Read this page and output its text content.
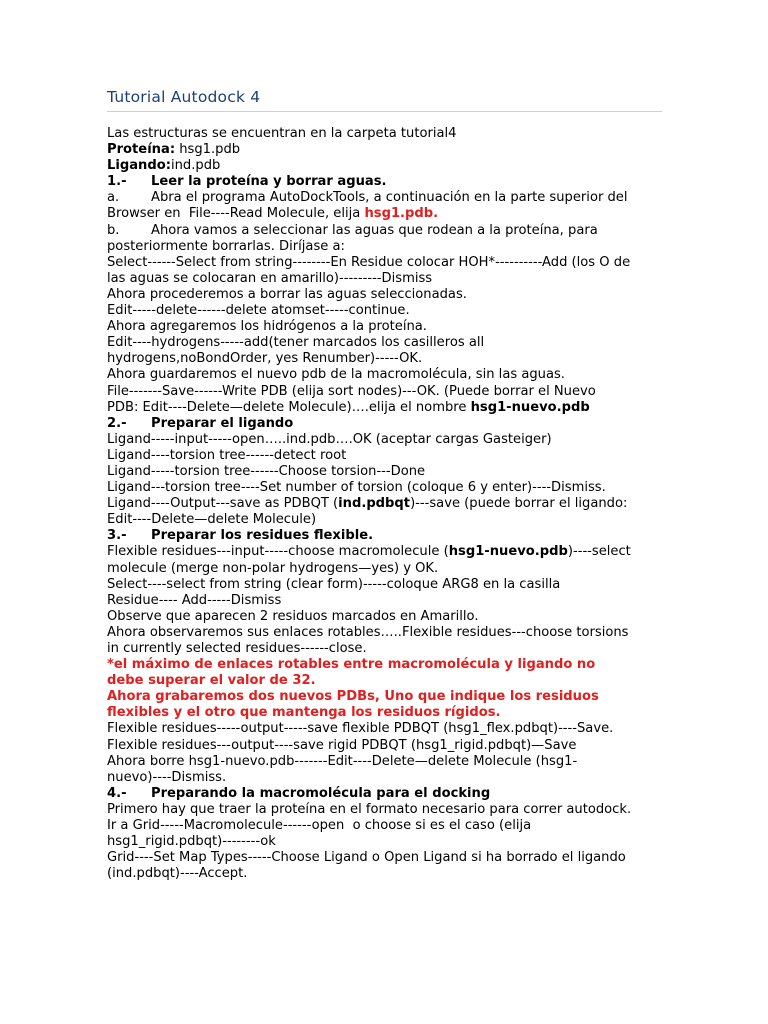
Tutorial Autodock 4
Las estructuras se encuentran en la carpeta tutorial4
Proteína: hsg1.pdb
Ligando:ind.pdb
1.- Leer la proteína y borrar aguas.
a. Abra el programa AutoDockTools, a continuación en la parte superior del
Browser en  File----Read Molecule, elija hsg1.pdb.
b. Ahora vamos a seleccionar las aguas que rodean a la proteína, para
posteriormente borrarlas. Diríjase a:
Select------Select from string--------En Residue colocar HOH*----------Add (los O de
las aguas se colocaran en amarillo)---------Dismiss
Ahora procederemos a borrar las aguas seleccionadas.
Edit-----delete------delete atomset-----continue.
Ahora agregaremos los hidrógenos a la proteína.
Edit----hydrogens-----add(tener marcados los casilleros all
hydrogens,noBondOrder, yes Renumber)-----OK.
Ahora guardaremos el nuevo pdb de la macromolécula, sin las aguas.
File-------Save------Write PDB (elija sort nodes)---OK. (Puede borrar el Nuevo
PDB: Edit----Delete—delete Molecule)….elija el nombre hsg1-nuevo.pdb
2.- Preparar el ligando
Ligand-----input-----open…..ind.pdb….OK (aceptar cargas Gasteiger)
Ligand----torsion tree------detect root
Ligand-----torsion tree------Choose torsion---Done
Ligand---torsion tree----Set number of torsion (coloque 6 y enter)----Dismiss.
Ligand----Output---save as PDBQT (ind.pdbqt)---save (puede borrar el ligando:
Edit----Delete—delete Molecule)
3.- Preparar los residues flexible.
Flexible residues---input-----choose macromolecule (hsg1-nuevo.pdb)----select
molecule (merge non-polar hydrogens—yes) y OK.
Select----select from string (clear form)-----coloque ARG8 en la casilla
Residue---- Add-----Dismiss
Observe que aparecen 2 residuos marcados en Amarillo.
Ahora observaremos sus enlaces rotables…..Flexible residues---choose torsions
in currently selected residues------close.
*el máximo de enlaces rotables entre macromolécula y ligando no
debe superar el valor de 32.
Ahora grabaremos dos nuevos PDBs, Uno que indique los residuos
flexibles y el otro que mantenga los residuos rígidos.
Flexible residues-----output-----save flexible PDBQT (hsg1_flex.pdbqt)----Save.
Flexible residues---output----save rigid PDBQT (hsg1_rigid.pdbqt)—Save
Ahora borre hsg1-nuevo.pdb-------Edit----Delete—delete Molecule (hsg1-
nuevo)----Dismiss.
4.- Preparando la macromolécula para el docking
Primero hay que traer la proteína en el formato necesario para correr autodock.
Ir a Grid-----Macromolecule------open  o choose si es el caso (elija
hsg1_rigid.pdbqt)--------ok
Grid----Set Map Types-----Choose Ligand o Open Ligand si ha borrado el ligando
(ind.pdbqt)----Accept.
